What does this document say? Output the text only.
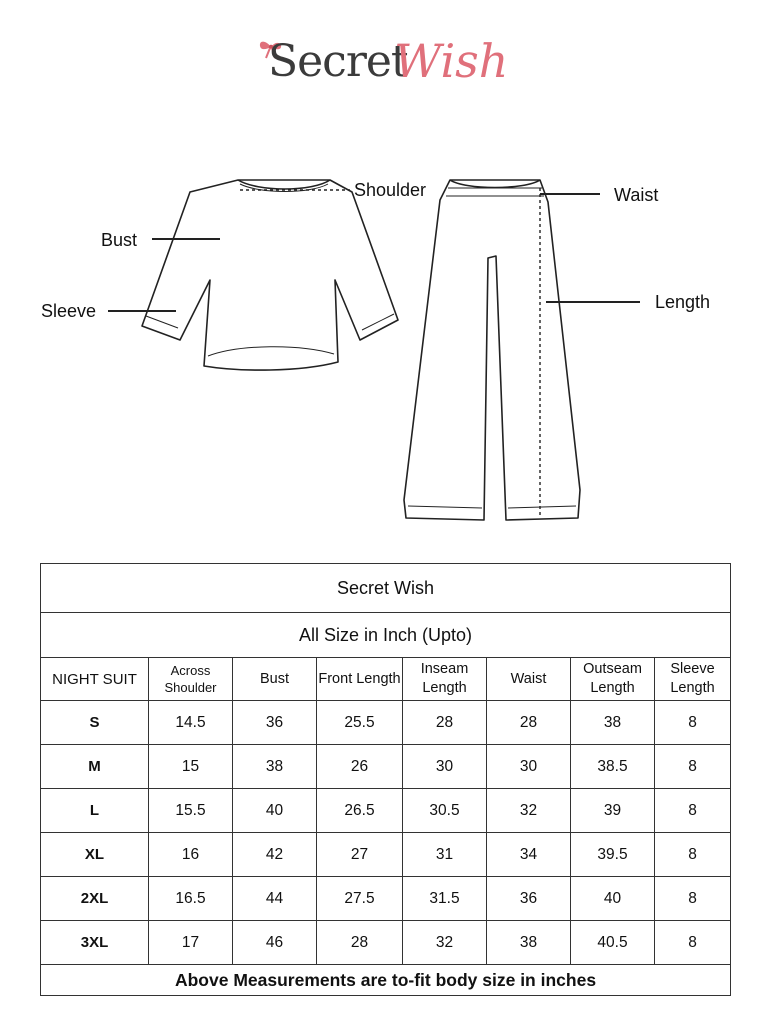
Secret
Wish
Shoulder
Bust
Sleeve
Waist
Length
Secret Wish							
All Size in Inch (Upto)							
NIGHT SUIT	Across Shoulder	Bust	Front Length	Inseam Length	Waist	Outseam Length	Sleeve Length
S	14.5	36	25.5	28	28	38	8
M	15	38	26	30	30	38.5	8
L	15.5	40	26.5	30.5	32	39	8
XL	16	42	27	31	34	39.5	8
2XL	16.5	44	27.5	31.5	36	40	8
3XL	17	46	28	32	38	40.5	8
Above Measurements are to-fit body size in inches							
